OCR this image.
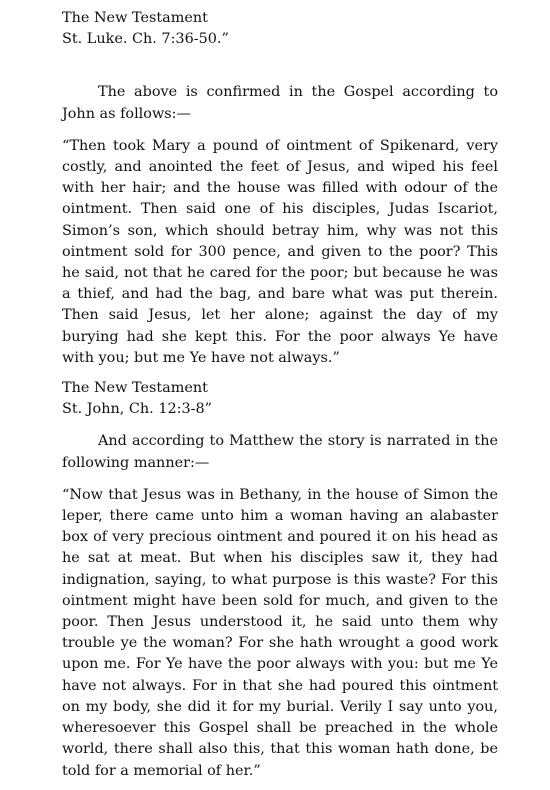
The New Testament
St. Luke. Ch. 7:36-50.”

The above is confirmed in the Gospel according to John as follows:—

“Then took Mary a pound of ointment of Spikenard, very costly, and anointed the feet of Jesus, and wiped his feel with her hair; and the house was filled with odour of the ointment. Then said one of his disciples, Judas Iscariot, Simon’s son, which should betray him, why was not this ointment sold for 300 pence, and given to the poor? This he said, not that he cared for the poor; but because he was a thief, and had the bag, and bare what was put therein. Then said Jesus, let her alone; against the day of my burying had she kept this. For the poor always Ye have with you; but me Ye have not always.”

The New Testament
St. John, Ch. 12:3-8”

And according to Matthew the story is narrated in the following manner:—

“Now that Jesus was in Bethany, in the house of Simon the leper, there came unto him a woman having an alabaster box of very precious ointment and poured it on his head as he sat at meat. But when his disciples saw it, they had indignation, saying, to what purpose is this waste? For this ointment might have been sold for much, and given to the poor. Then Jesus understood it, he said unto them why trouble ye the woman? For she hath wrought a good work upon me. For Ye have the poor always with you: but me Ye have not always. For in that she had poured this ointment on my body, she did it for my burial. Verily I say unto you, wheresoever this Gospel shall be preached in the whole world, there shall also this, that this woman hath done, be told for a memorial of her.”
